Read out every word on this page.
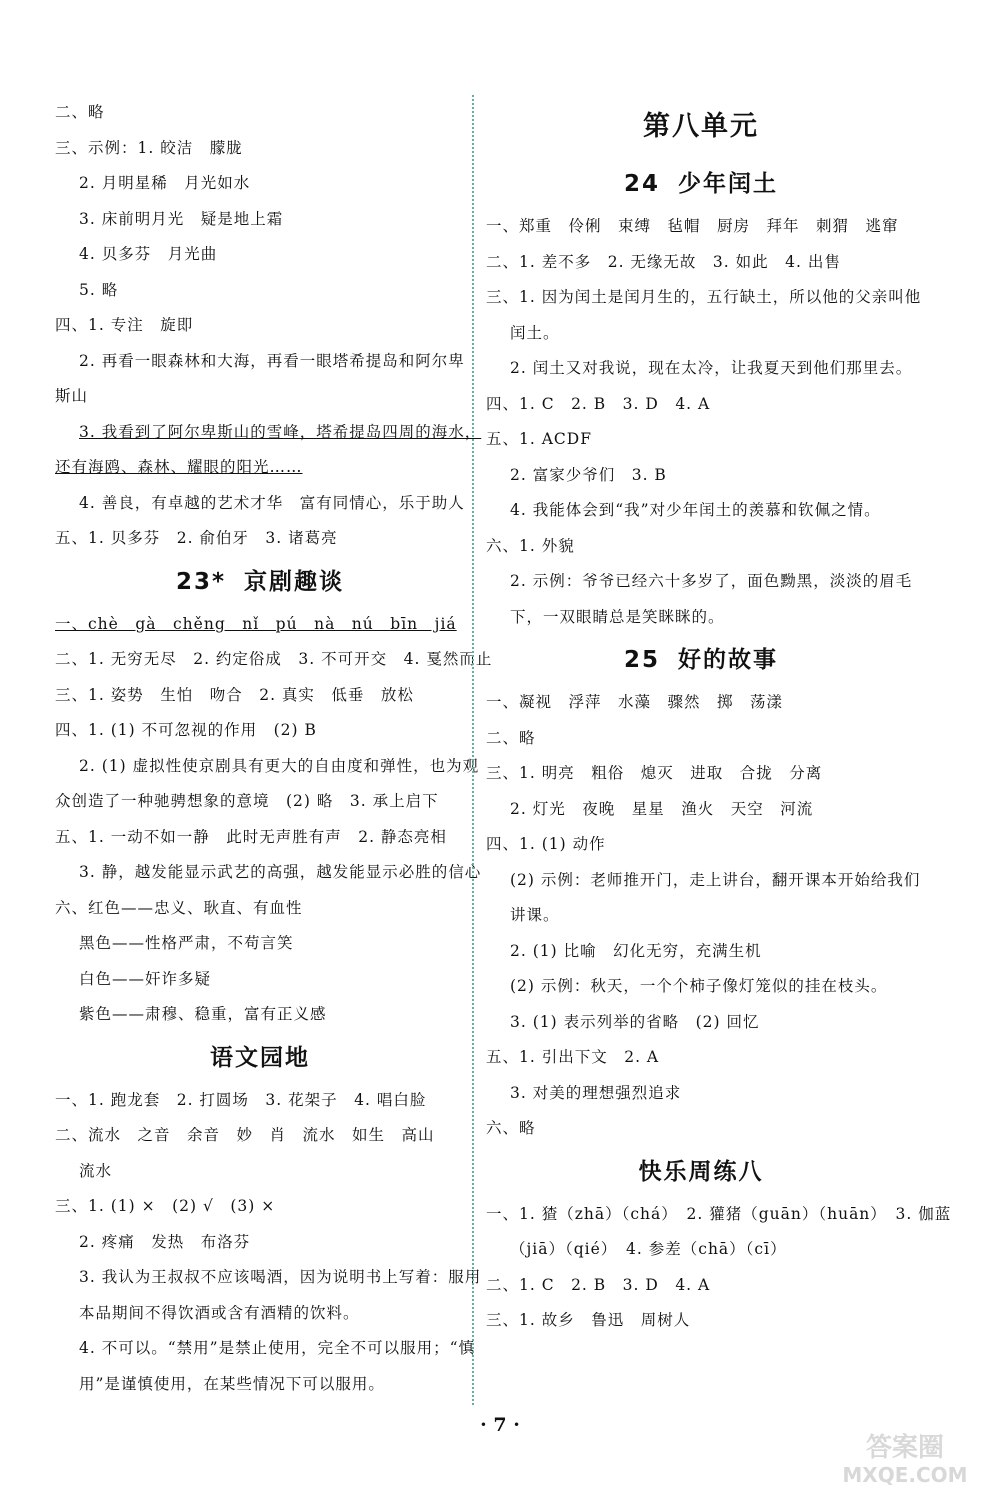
二、略
三、示例：1. 皎洁　朦胧
2. 月明星稀　月光如水
3. 床前明月光　疑是地上霜
4. 贝多芬　月光曲
5. 略
四、1. 专注　旋即
2. 再看一眼森林和大海，再看一眼塔希提岛和阿尔卑
斯山
3. 我看到了阿尔卑斯山的雪峰，塔希提岛四周的海水，
还有海鸥、森林、耀眼的阳光……
4. 善良，有卓越的艺术才华　富有同情心，乐于助人
五、1. 贝多芬　2. 俞伯牙　3. 诸葛亮
23* 京剧趣谈
一、chè　gà　chěng　nǐ　pú　nà　nú　bīn　jiá
二、1. 无穷无尽　2. 约定俗成　3. 不可开交　4. 戛然而止
三、1. 姿势　生怕　吻合　2. 真实　低垂　放松
四、1. (1) 不可忽视的作用　(2) B
2. (1) 虚拟性使京剧具有更大的自由度和弹性，也为观
众创造了一种驰骋想象的意境　(2) 略　3. 承上启下
五、1. 一动不如一静　此时无声胜有声　2. 静态亮相
3. 静，越发能显示武艺的高强，越发能显示必胜的信心
六、红色——忠义、耿直、有血性
黑色——性格严肃，不苟言笑
白色——奸诈多疑
紫色——肃穆、稳重，富有正义感
语文园地
一、1. 跑龙套　2. 打圆场　3. 花架子　4. 唱白脸
二、流水　之音　余音　妙　肖　流水　如生　高山
流水
三、1. (1) ×　(2) √　(3) ×
2. 疼痛　发热　布洛芬
3. 我认为王叔叔不应该喝酒，因为说明书上写着：服用
本品期间不得饮酒或含有酒精的饮料。
4. 不可以。“禁用”是禁止使用，完全不可以服用；“慎
用”是谨慎使用，在某些情况下可以服用。
第八单元
24 少年闰土
一、郑重　伶俐　束缚　毡帽　厨房　拜年　刺猬　逃窜
二、1. 差不多　2. 无缘无故　3. 如此　4. 出售
三、1. 因为闰土是闰月生的，五行缺土，所以他的父亲叫他
闰土。
2. 闰土又对我说，现在太冷，让我夏天到他们那里去。
四、1. C　2. B　3. D　4. A
五、1. ACDF
2. 富家少爷们　3. B
4. 我能体会到“我”对少年闰土的羡慕和钦佩之情。
六、1. 外貌
2. 示例：爷爷已经六十多岁了，面色黝黑，淡淡的眉毛
下，一双眼睛总是笑眯眯的。
25 好的故事
一、凝视　浮萍　水藻　骤然　掷　荡漾
二、略
三、1. 明亮　粗俗　熄灭　进取　合拢　分离
2. 灯光　夜晚　星星　渔火　天空　河流
四、1. (1) 动作
(2) 示例：老师推开门，走上讲台，翻开课本开始给我们
讲课。
2. (1) 比喻　幻化无穷，充满生机
(2) 示例：秋天，一个个柿子像灯笼似的挂在枝头。
3. (1) 表示列举的省略　(2) 回忆
五、1. 引出下文　2. A
3. 对美的理想强烈追求
六、略
快乐周练八
一、1. 猹（zhā）（chá）　2. 獾猪（guān）（huān）　3. 伽蓝
（jiā）（qié）　4. 参差（chā）（cī）
二、1. C　2. B　3. D　4. A
三、1. 故乡　鲁迅　周树人
· 7 ·
答案圈
MXQE.COM
